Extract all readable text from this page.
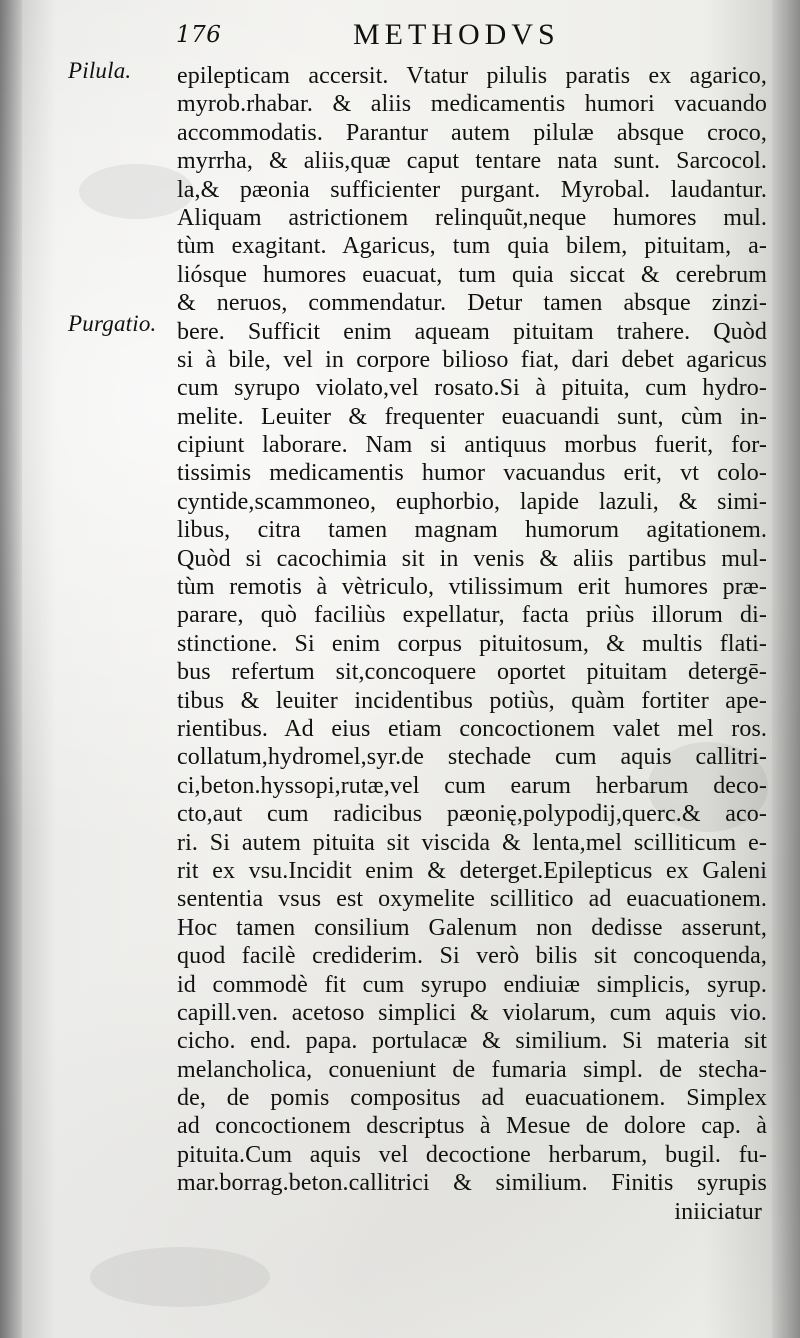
176	METHODVS
Pilula.
Purgatio.
epilepticam accersit. Vtatur pilulis paratis ex agarico,
myrob.rhabar. & aliis medicamentis humori vacuando
accommodatis. Parantur autem pilulæ absque croco,
myrrha, & aliis,quæ caput tentare nata sunt. Sarcocol.
la,& pæonia sufficienter purgant. Myrobal. laudantur.
Aliquam astrictionem relinquũt,neque humores mul.
tùm exagitant. Agaricus, tum quia bilem, pituitam, a-
liósque humores euacuat, tum quia siccat & cerebrum
& neruos, commendatur. Detur tamen absque zinzi-
bere. Sufficit enim aqueam pituitam trahere. Quòd
si à bile, vel in corpore bilioso fiat, dari debet agaricus
cum syrupo violato,vel rosato.Si à pituita, cum hydro-
melite. Leuiter & frequenter euacuandi sunt, cùm in-
cipiunt laborare. Nam si antiquus morbus fuerit, for-
tissimis medicamentis humor vacuandus erit, vt colo-
cyntide,scammoneo, euphorbio, lapide lazuli, & simi-
libus, citra tamen magnam humorum agitationem.
Quòd si cacochimia sit in venis & aliis partibus mul-
tùm remotis à vètriculo, vtilissimum erit humores præ-
parare, quò faciliùs expellatur, facta priùs illorum di-
stinctione. Si enim corpus pituitosum, & multis flati-
bus refertum sit,concoquere oportet pituitam detergē-
tibus & leuiter incidentibus potiùs, quàm fortiter ape-
rientibus. Ad eius etiam concoctionem valet mel ros.
collatum,hydromel,syr.de stechade cum aquis callitri-
ci,beton.hyssopi,rutæ,vel cum earum herbarum deco-
cto,aut cum radicibus pæonię,polypodij,querc.& aco-
ri. Si autem pituita sit viscida & lenta,mel scilliticum e-
rit ex vsu.Incidit enim & deterget.Epilepticus ex Galeni
sententia vsus est oxymelite scillitico ad euacuationem.
Hoc tamen consilium Galenum non dedisse asserunt,
quod facilè crediderim. Si verò bilis sit concoquenda,
id commodè fit cum syrupo endiuiæ simplicis, syrup.
capill.ven. acetoso simplici & violarum, cum aquis vio.
cicho. end. papa. portulacæ & similium. Si materia sit
melancholica, conueniunt de fumaria simpl. de stecha-
de, de pomis compositus ad euacuationem. Simplex
ad concoctionem descriptus à Mesue de dolore cap. à
pituita.Cum aquis vel decoctione herbarum, bugil. fu-
mar.borrag.beton.callitrici & similium. Finitis syrupis
iniiciatur
